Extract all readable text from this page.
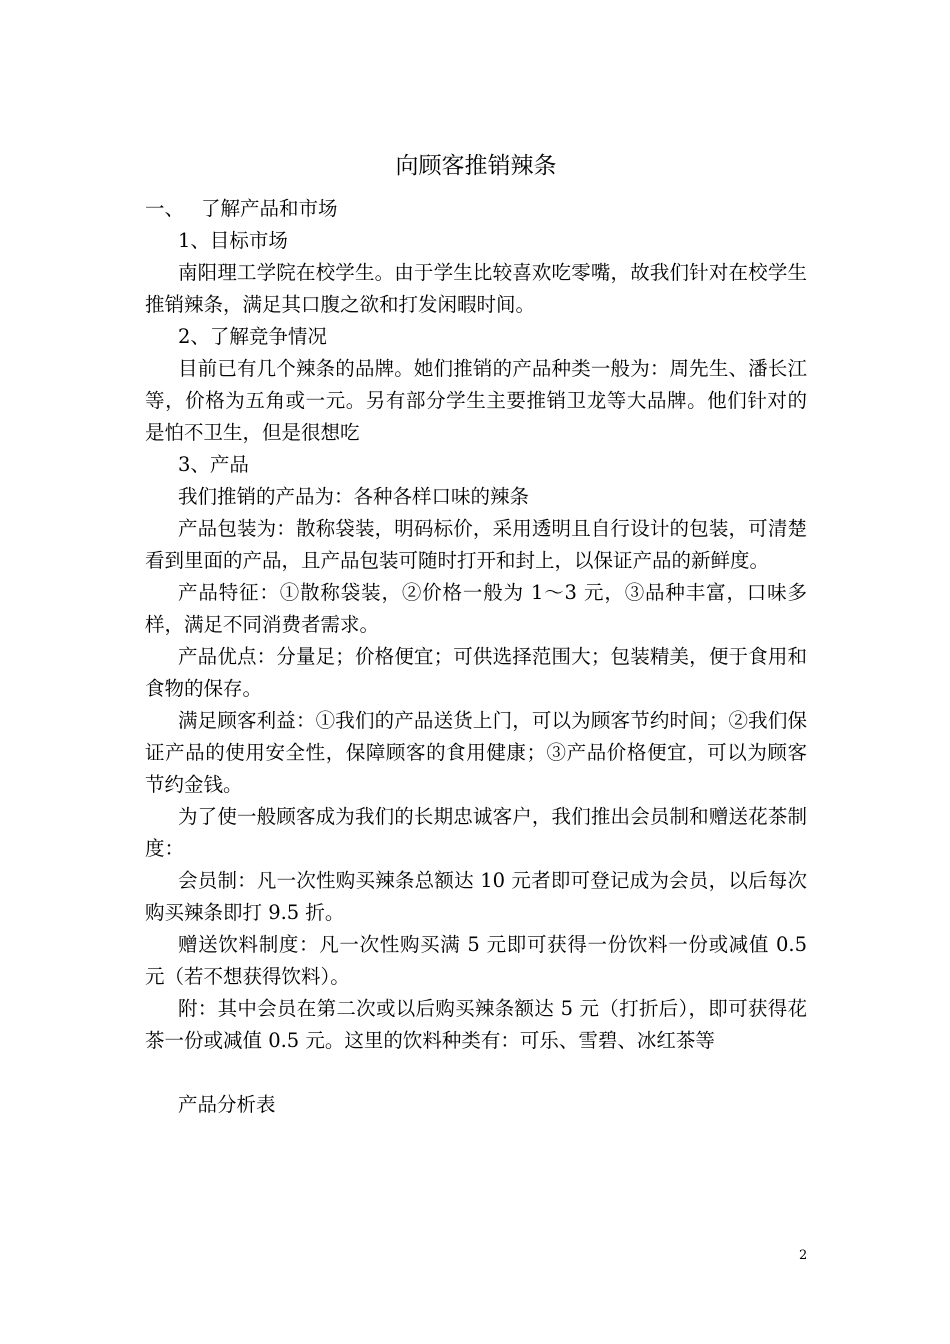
向顾客推销辣条

一、 了解产品和市场

1、目标市场

南阳理工学院在校学生。由于学生比较喜欢吃零嘴，故我们针对在校学生推销辣条，满足其口腹之欲和打发闲暇时间。

2、了解竞争情况

目前已有几个辣条的品牌。她们推销的产品种类一般为：周先生、潘长江等，价格为五角或一元。另有部分学生主要推销卫龙等大品牌。他们针对的是怕不卫生，但是很想吃

3、产品

我们推销的产品为：各种各样口味的辣条

产品包装为：散称袋装，明码标价，采用透明且自行设计的包装，可清楚看到里面的产品，且产品包装可随时打开和封上，以保证产品的新鲜度。

产品特征：①散称袋装，②价格一般为 1～3 元，③品种丰富，口味多样，满足不同消费者需求。

产品优点：分量足；价格便宜；可供选择范围大；包装精美，便于食用和食物的保存。

满足顾客利益：①我们的产品送货上门，可以为顾客节约时间；②我们保证产品的使用安全性，保障顾客的食用健康；③产品价格便宜，可以为顾客节约金钱。

为了使一般顾客成为我们的长期忠诚客户，我们推出会员制和赠送花茶制度：

会员制：凡一次性购买辣条总额达 10 元者即可登记成为会员，以后每次购买辣条即打 9.5 折。

赠送饮料制度：凡一次性购买满 5 元即可获得一份饮料一份或减值 0.5 元（若不想获得饮料）。

附：其中会员在第二次或以后购买辣条额达 5 元（打折后），即可获得花茶一份或减值 0.5 元。这里的饮料种类有：可乐、雪碧、冰红茶等

产品分析表

2
